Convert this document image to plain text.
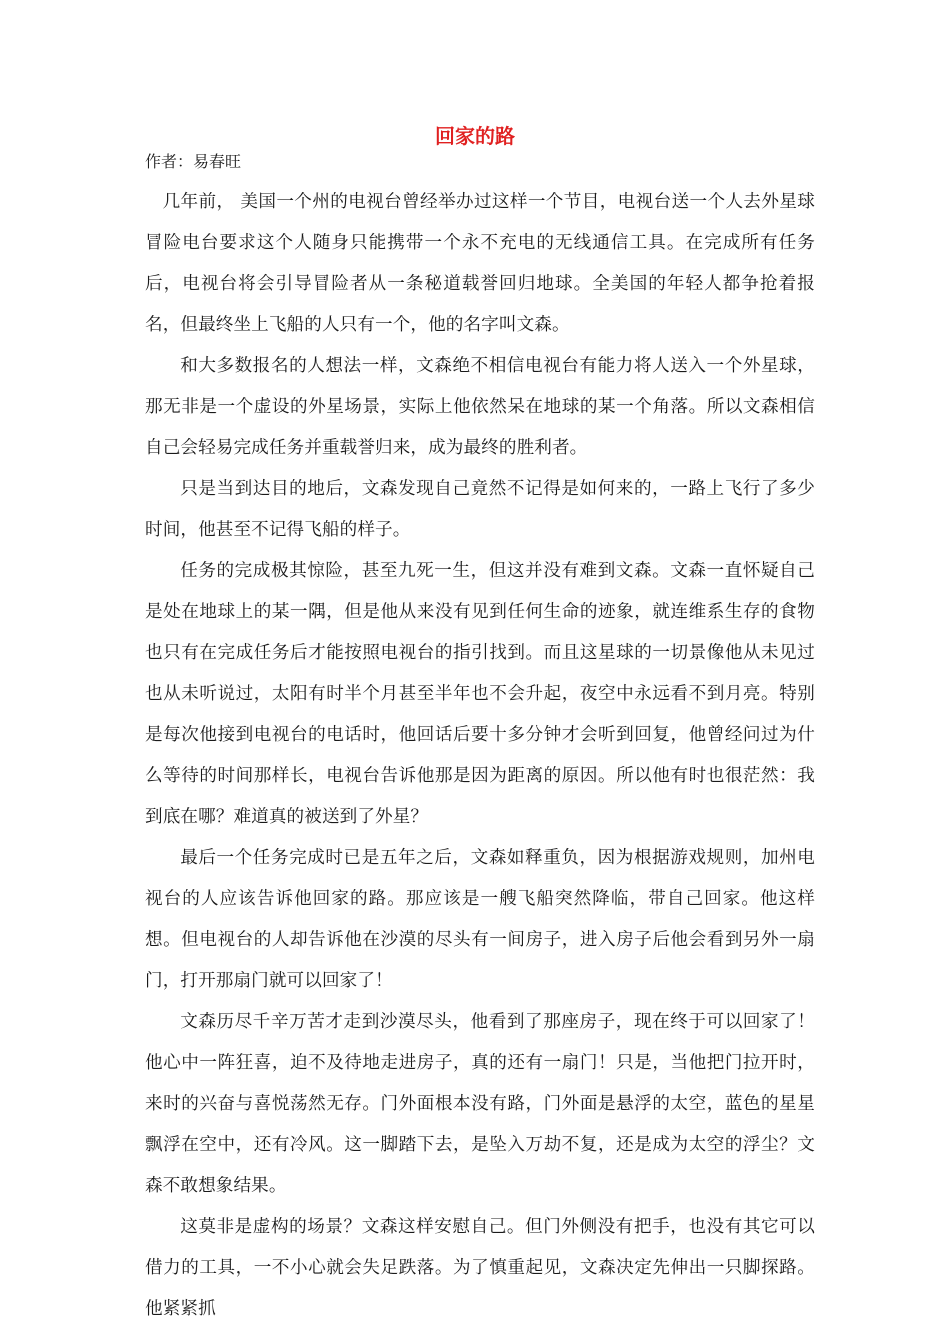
回家的路

作者：易春旺

几年前， 美国一个州的电视台曾经举办过这样一个节目，电视台送一个人去外星球冒险电台要求这个人随身只能携带一个永不充电的无线通信工具。在完成所有任务后，电视台将会引导冒险者从一条秘道载誉回归地球。全美国的年轻人都争抢着报名，但最终坐上飞船的人只有一个，他的名字叫文森。

和大多数报名的人想法一样，文森绝不相信电视台有能力将人送入一个外星球，那无非是一个虚设的外星场景，实际上他依然呆在地球的某一个角落。所以文森相信自己会轻易完成任务并重载誉归来，成为最终的胜利者。

只是当到达目的地后，文森发现自己竟然不记得是如何来的，一路上飞行了多少时间，他甚至不记得飞船的样子。

任务的完成极其惊险，甚至九死一生，但这并没有难到文森。文森一直怀疑自己是处在地球上的某一隅，但是他从来没有见到任何生命的迹象，就连维系生存的食物也只有在完成任务后才能按照电视台的指引找到。而且这星球的一切景像他从未见过也从未听说过，太阳有时半个月甚至半年也不会升起，夜空中永远看不到月亮。特别是每次他接到电视台的电话时，他回话后要十多分钟才会听到回复，他曾经问过为什么等待的时间那样长，电视台告诉他那是因为距离的原因。所以他有时也很茫然：我到底在哪？难道真的被送到了外星？

最后一个任务完成时已是五年之后，文森如释重负，因为根据游戏规则，加州电视台的人应该告诉他回家的路。那应该是一艘飞船突然降临，带自己回家。他这样想。但电视台的人却告诉他在沙漠的尽头有一间房子，进入房子后他会看到另外一扇门，打开那扇门就可以回家了！

文森历尽千辛万苦才走到沙漠尽头，他看到了那座房子，现在终于可以回家了！他心中一阵狂喜，迫不及待地走进房子，真的还有一扇门！只是，当他把门拉开时，来时的兴奋与喜悦荡然无存。门外面根本没有路，门外面是悬浮的太空，蓝色的星星飘浮在空中，还有冷风。这一脚踏下去，是坠入万劫不复，还是成为太空的浮尘？文森不敢想象结果。

这莫非是虚构的场景？文森这样安慰自己。但门外侧没有把手，也没有其它可以借力的工具，一不小心就会失足跌落。为了慎重起见，文森决定先伸出一只脚探路。他紧紧抓
